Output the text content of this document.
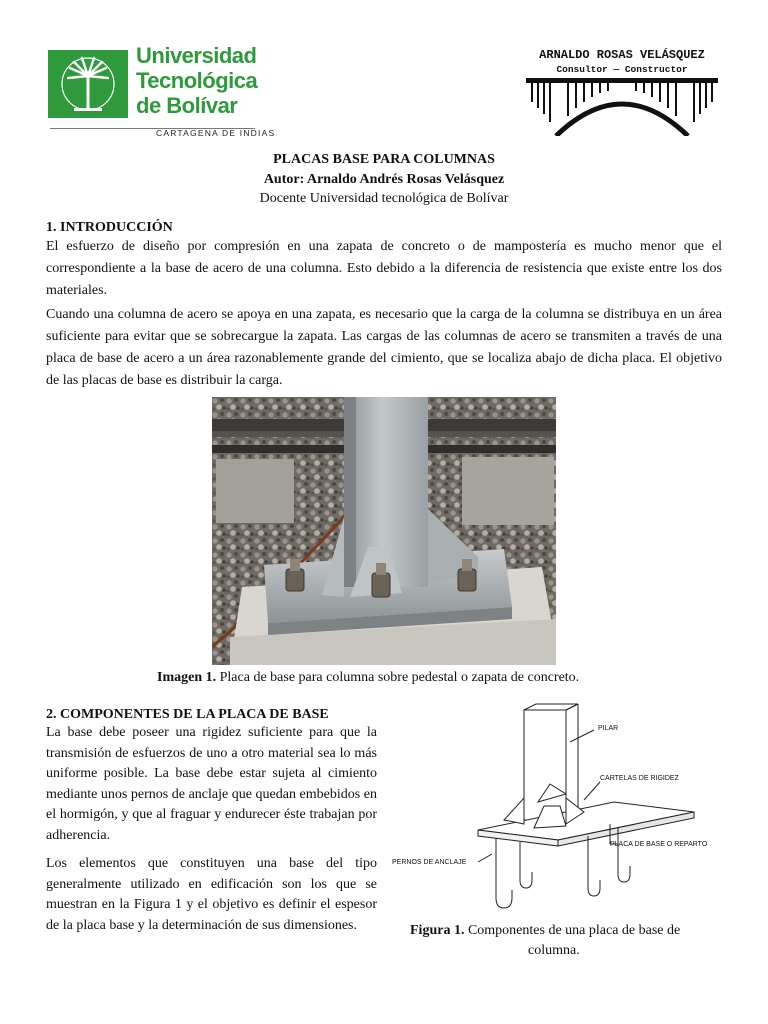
Universidad
Tecnológica
de Bolívar
CARTAGENA DE INDIAS
ARNALDO ROSAS VELÁSQUEZ
Consultor — Constructor
PLACAS BASE PARA COLUMNAS
Autor: Arnaldo Andrés Rosas Velásquez
Docente Universidad tecnológica de Bolívar
1. INTRODUCCIÓN
El esfuerzo de diseño por compresión en una zapata de concreto o de mampostería es mucho menor que el correspondiente a la base de acero de una columna. Esto debido a la diferencia de resistencia que existe entre los dos materiales.
Cuando una columna de acero se apoya en una zapata, es necesario que la carga de la columna se distribuya en un área suficiente para evitar que se sobrecargue la zapata. Las cargas de las columnas de acero se transmiten a través de una placa de base de acero a un área razonablemente grande del cimiento, que se localiza abajo de dicha placa. El objetivo de las placas de base es distribuir la carga.
Imagen 1. Placa de base para columna sobre pedestal o zapata de concreto.
2. COMPONENTES DE LA PLACA DE BASE
La base debe poseer una rigidez suficiente para que la transmisión de esfuerzos de uno a otro material sea lo más uniforme posible. La base debe estar sujeta al cimiento mediante unos pernos de anclaje que quedan embebidos en el hormigón, y que al fraguar y endurecer éste trabajan por adherencia.
Los elementos que constituyen una base del tipo generalmente utilizado en edificación son los que se muestran en la Figura 1 y el objetivo es definir el espesor de la placa base y la determinación de sus dimensiones.
PILAR
CARTELAS DE RIGIDEZ
PLACA DE BASE O REPARTO
PERNOS DE ANCLAJE
Figura 1. Componentes de una placa de base de
columna.
